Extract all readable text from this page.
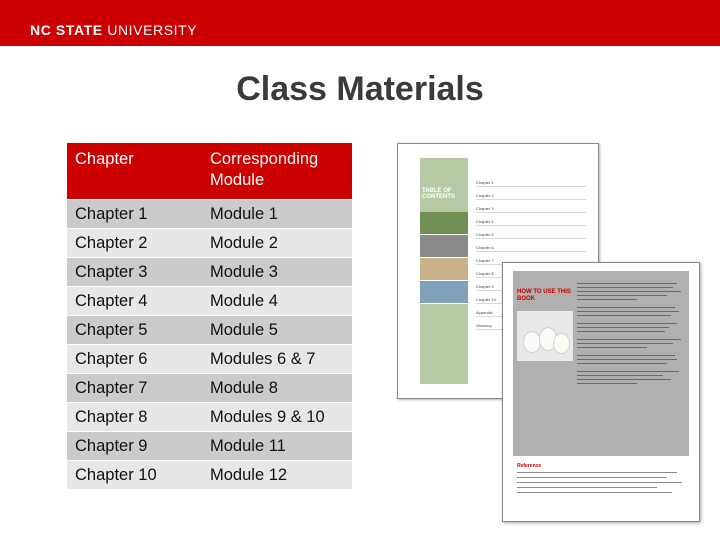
NC STATE UNIVERSITY
Class Materials
Chapter	Corresponding Module
Chapter 1	Module 1
Chapter 2	Module 2
Chapter 3	Module 3
Chapter 4	Module 4
Chapter 5	Module 5
Chapter 6	Modules 6 & 7
Chapter 7	Module 8
Chapter 8	Modules 9 & 10
Chapter 9	Module 11
Chapter 10	Module 12
TABLE OF CONTENTS
Chapter 1
Chapter 2
Chapter 3
Chapter 4
Chapter 5
Chapter 6
Chapter 7
Chapter 8
Chapter 9
Chapter 10
Appendix
Glossary
HOW TO USE THIS BOOK
Reference
